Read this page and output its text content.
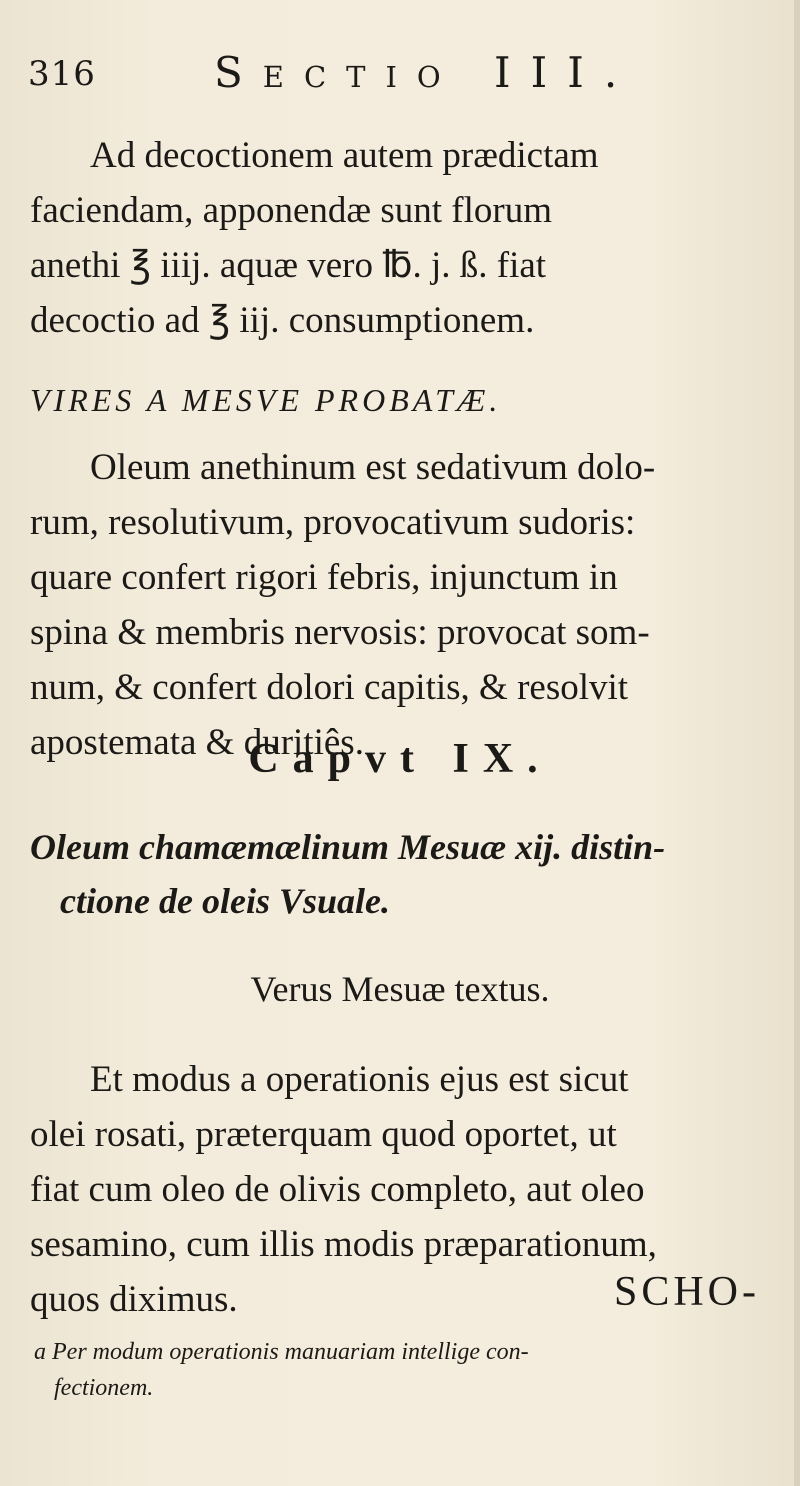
316	Sectio III.
Ad decoctionem autem prædictam
faciendam, apponendæ sunt florum
anethi ℥ iiij. aquæ vero ℔. j. ß. fiat
decoctio ad ℥ iij. consumptionem.
VIRES A MESVE PROBATÆ.
Oleum anethinum est sedativum dolo-
rum, resolutivum, provocativum sudoris:
quare confert rigori febris, injunctum in
spina & membris nervosis: provocat som-
num, & confert dolori capitis, & resolvit
apostemata & duritiês.
Capvt IX.
Oleum chamæmælinum Mesuæ xij. distin-
ctione de oleis Vsuale.
Verus Mesuæ textus.
Et modus a operationis ejus est sicut
olei rosati, præterquam quod oportet, ut
fiat cum oleo de olivis completo, aut oleo
sesamino, cum illis modis præparationum,
quos diximus.	SCHO-
a Per modum operationis manuariam intellige con-
fectionem.
